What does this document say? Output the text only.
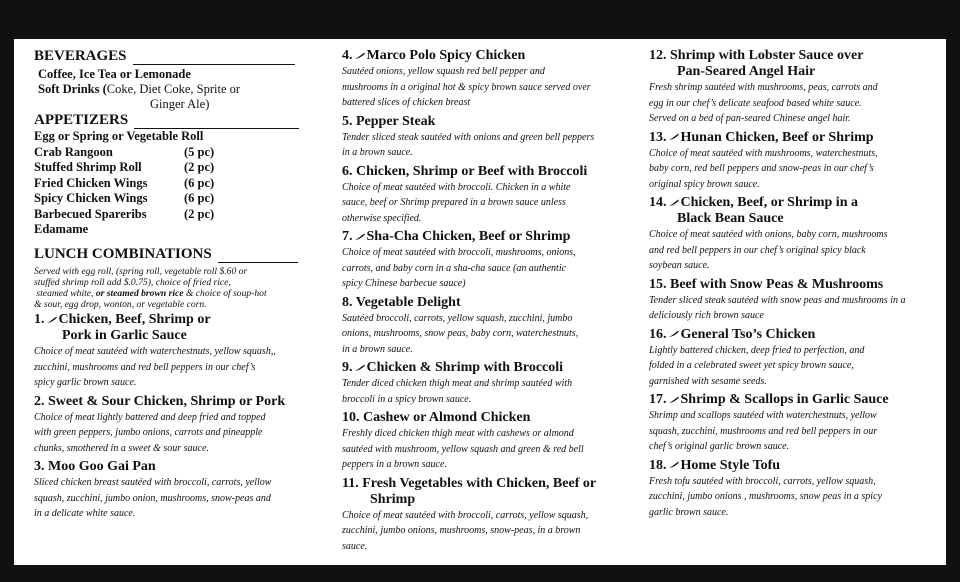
BEVERAGES
Coffee, Ice Tea or Lemonade
Soft Drinks (Coke, Diet Coke, Sprite or
Ginger Ale)
APPETIZERS
Egg or Spring or Vegetable Roll
Crab Rangoon	(5 pc)
Stuffed Shrimp Roll	(2 pc)
Fried Chicken Wings	(6 pc)
Spicy Chicken Wings	(6 pc)
Barbecued Spareribs	(2 pc)
Edamame
LUNCH COMBINATIONS
Served with egg roll, (spring roll, vegetable roll $.60 or
stuffed shrimp roll add $.0.75), choice of fried rice,
steamed white, or steamed brown rice & choice of soup-hot
& sour, egg drop, wonton, or vegetable corn.
1. Chicken, Beef, Shrimp or
Pork in Garlic Sauce
Choice of meat sautéed with waterchestnuts, yellow squash,,
zucchini, mushrooms and red bell peppers in our chef’s
spicy garlic brown sauce.
2. Sweet & Sour Chicken, Shrimp or Pork
Choice of meat lightly battered and deep fried and topped
with green peppers, jumbo onions, carrots and pineapple
chunks, smothered in a sweet & sour sauce.
3. Moo Goo Gai Pan
Sliced chicken breast sautéed with broccoli, carrots, yellow
squash, zucchini, jumbo onion, mushrooms, snow-peas and
in a delicate white sauce.
4. Marco Polo Spicy Chicken
Sautéed onions, yellow squash red bell pepper and
mushrooms in a original hot & spicy brown sauce served over
battered slices of chicken breast
5. Pepper Steak
Tender sliced steak sautéed with onions and green bell peppers
in a brown sauce.
6. Chicken, Shrimp or Beef with Broccoli
Choice of meat sautéed with broccoli. Chicken in a white
sauce, beef or Shrimp prepared in a brown sauce unless
otherwise specified.
7. Sha-Cha Chicken, Beef or Shrimp
Choice of meat sautéed with broccoli, mushrooms, onions,
carrots, and baby corn in a sha-cha sauce (an authentic
spicy Chinese barbecue sauce)
8. Vegetable Delight
Sautéed broccoli, carrots, yellow squash, zucchini, jumbo
onions, mushrooms, snow peas, baby corn, waterchestnuts,
in a brown sauce.
9. Chicken & Shrimp with Broccoli
Tender diced chicken thigh meat and shrimp sautéed with
broccoli in a spicy brown sauce.
10. Cashew or Almond Chicken
Freshly diced chicken thigh meat with cashews or almond
sautéed with mushroom, yellow squash and green & red bell
peppers in a brown sauce.
11. Fresh Vegetables with Chicken, Beef or
Shrimp
Choice of meat sautéed with broccoli, carrots, yellow squash,
zucchini, jumbo onions, mushrooms, snow-peas, in a brown
sauce.
12. Shrimp with Lobster Sauce over
Pan-Seared Angel Hair
Fresh shrimp sautéed with mushrooms, peas, carrots and
egg in our chef’s delicate seafood based white sauce.
Served on a bed of pan-seared Chinese angel hair.
13. Hunan Chicken, Beef or Shrimp
Choice of meat sautéed with mushrooms, waterchestnuts,
baby corn, red bell peppers and snow-peas in our chef’s
original spicy brown sauce.
14. Chicken, Beef, or Shrimp in a
Black Bean Sauce
Choice of meat sautéed with onions, baby corn, mushrooms
and red bell peppers in our chef’s original spicy black
soybean sauce.
15. Beef with Snow Peas & Mushrooms
Tender sliced steak sautéed with snow peas and mushrooms in a
deliciously rich brown sauce
16. General Tso’s Chicken
Lightly battered chicken, deep fried to perfection, and
folded in a celebrated sweet yet spicy brown sauce,
garnished with sesame seeds.
17. Shrimp & Scallops in Garlic Sauce
Shrimp and scallops sautéed with waterchestnuts, yellow
squash, zucchini, mushrooms and red bell peppers in our
chef’s original garlic brown sauce.
18. Home Style Tofu
Fresh tofu sautéed with broccoli, carrots, yellow squash,
zucchini, jumbo onions , mushrooms, snow peas in a spicy
garlic brown sauce.
